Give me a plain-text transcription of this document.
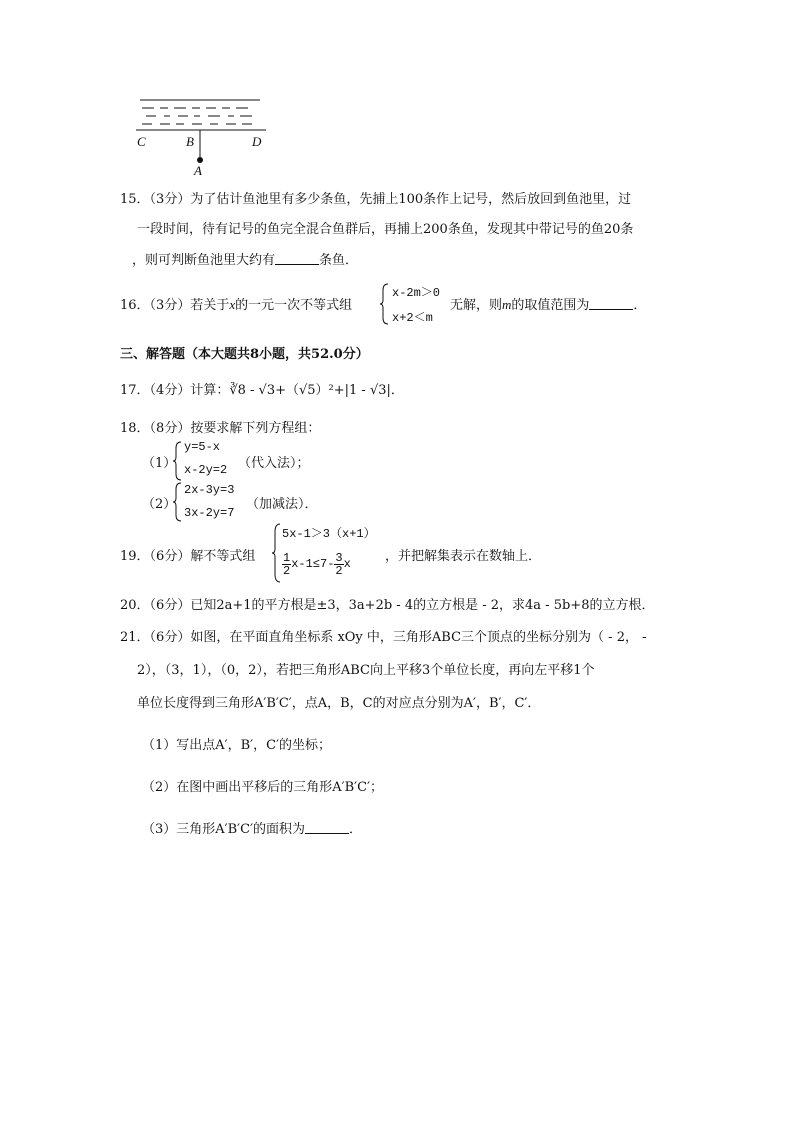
C	B	D
A
15．（3分）为了估计鱼池里有多少条鱼，先捕上100条作上记号，然后放回到鱼池里，过
一段时间，待有记号的鱼完全混合鱼群后，再捕上200条鱼，发现其中带记号的鱼20条
，则可判断鱼池里大约有	条鱼．
16．（3分）若关于x的一元一次不等式组
x-2m＞0
x+2＜m
无解，则m的取值范围为	．
三、解答题（本大题共8小题，共52.0分）
17．（4分）计算：∛8 - √3+（√5）²+|1 - √3|．
18．（8分）按要求解下列方程组：
（1）
y=5-x
x-2y=2 （代入法）；
（2）
2x-3y=3
3x-2y=7
（加减法）．
19．（6分）解不等式组
5x-1＞3（x+1）
$\frac{1}{2} x-1\le 7- \frac{3}{2}$ x	，并把解集表示在数轴上．
20．（6分）已知2a+1的平方根是±3，3a+2b - 4的立方根是 - 2，求4a - 5b+8的立方根．
21．（6分）如图，在平面直角坐标系 xOy 中，三角形ABC三个顶点的坐标分别为（ - 2， -
2），（3，1），（0，2），若把三角形ABC向上平移3个单位长度，再向左平移1个
单位长度得到三角形A′B′C′，点A，B，C的对应点分别为A′，B′，C′．
（1）写出点A′，B′，C′的坐标；
（2）在图中画出平移后的三角形A′B′C′；
（3）三角形A′B′C′的面积为	．
